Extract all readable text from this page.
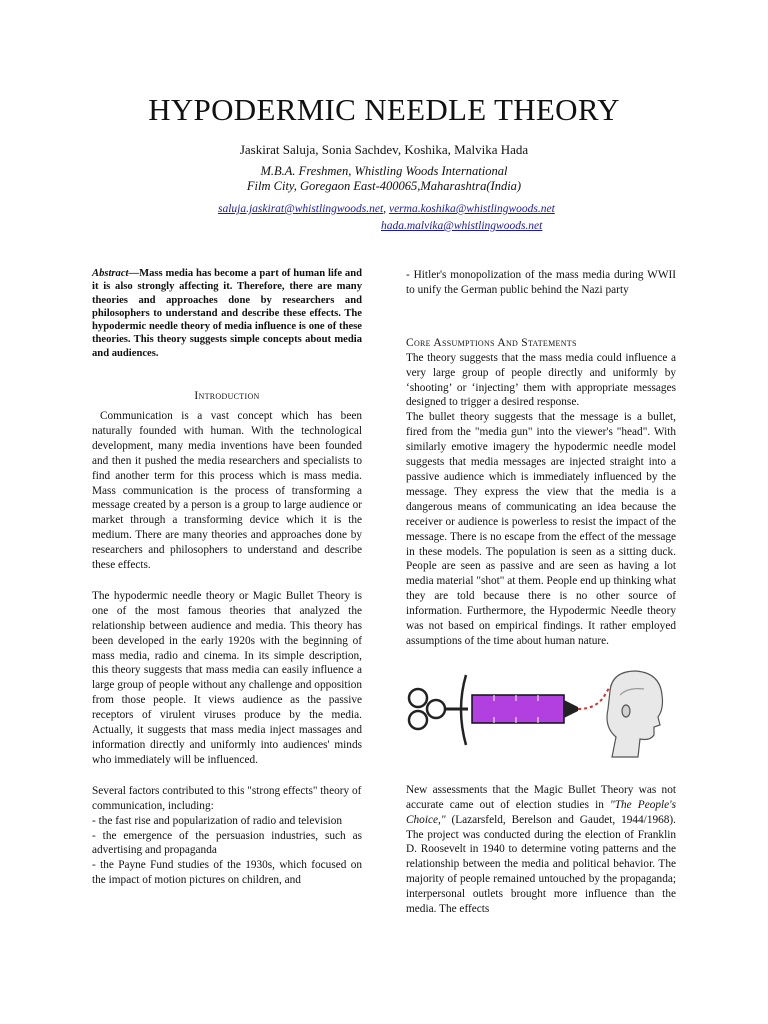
HYPODERMIC NEEDLE THEORY
Jaskirat Saluja, Sonia Sachdev, Koshika, Malvika Hada
M.B.A. Freshmen, Whistling Woods International
Film City, Goregaon East-400065,Maharashtra(India)
saluja.jaskirat@whistlingwoods.net, verma.koshika@whistlingwoods.net
hada.malvika@whistlingwoods.net

Abstract—Mass media has become a part of human life and it is also strongly affecting it. Therefore, there are many theories and approaches done by researchers and philosophers to understand and describe these effects. The hypodermic needle theory of media influence is one of these theories. This theory suggests simple concepts about media and audiences.

Introduction

Communication is a vast concept which has been naturally founded with human. With the technological development, many media inventions have been founded and then it pushed the media researchers and specialists to find another term for this process which is mass media. Mass communication is the process of transforming a message created by a person is a group to large audience or market through a transforming device which it is the medium. There are many theories and approaches done by researchers and philosophers to understand and describe these effects.

The hypodermic needle theory or Magic Bullet Theory is one of the most famous theories that analyzed the relationship between audience and media. This theory has been developed in the early 1920s with the beginning of mass media, radio and cinema. In its simple description, this theory suggests that mass media can easily influence a large group of people without any challenge and opposition from those people. It views audience as the passive receptors of virulent viruses produce by the media. Actually, it suggests that mass media inject massages and information directly and uniformly into audiences' minds who immediately will be influenced.

Several factors contributed to this "strong effects" theory of communication, including:

- the fast rise and popularization of radio and television

- the emergence of the persuasion industries, such as advertising and propaganda

- the Payne Fund studies of the 1930s, which focused on the impact of motion pictures on children, and

- Hitler's monopolization of the mass media during WWII to unify the German public behind the Nazi party

Core Assumptions And Statements

The theory suggests that the mass media could influence a very large group of people directly and uniformly by ‘shooting’ or ‘injecting’ them with appropriate messages designed to trigger a desired response.

The bullet theory suggests that the message is a bullet, fired from the "media gun" into the viewer's "head". With similarly emotive imagery the hypodermic needle model suggests that media messages are injected straight into a passive audience which is immediately influenced by the message. They express the view that the media is a dangerous means of communicating an idea because the receiver or audience is powerless to resist the impact of the message. There is no escape from the effect of the message in these models. The population is seen as a sitting duck. People are seen as passive and are seen as having a lot media material "shot" at them. People end up thinking what they are told because there is no other source of information. Furthermore, the Hypodermic Needle theory was not based on empirical findings. It rather employed assumptions of the time about human nature.

New assessments that the Magic Bullet Theory was not accurate came out of election studies in "The People's Choice," (Lazarsfeld, Berelson and Gaudet, 1944/1968). The project was conducted during the election of Franklin D. Roosevelt in 1940 to determine voting patterns and the relationship between the media and political behavior. The majority of people remained untouched by the propaganda; interpersonal outlets brought more influence than the media. The effects
